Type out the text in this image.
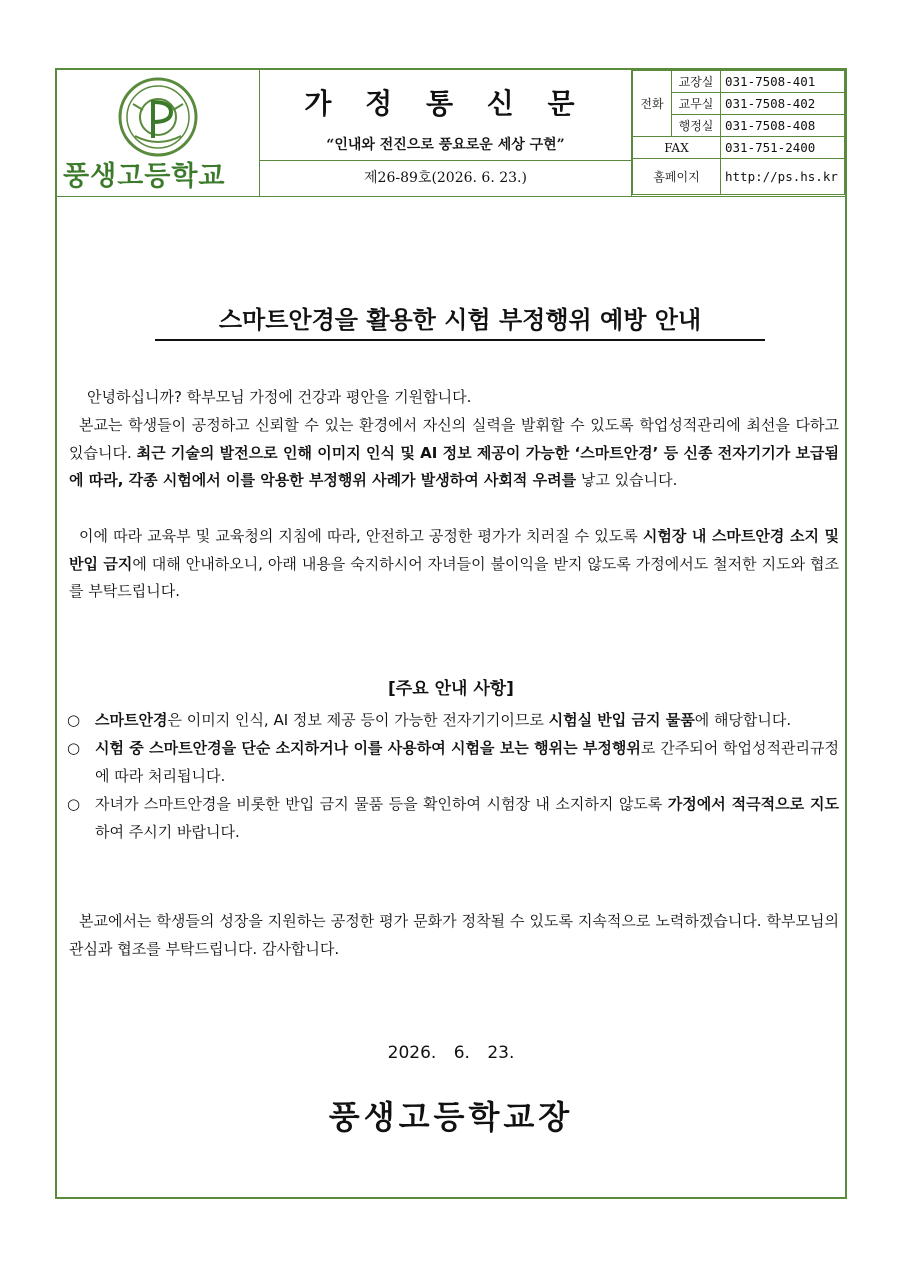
풍생고등학교
가 정 통 신 문
“인내와 전진으로 풍요로운 세상 구현”
제26-89호(2026. 6. 23.)
전화	교장실	031-7508-401
	교무실	031-7508-402
	행정실	031-7508-408
FAX		031-751-2400
홈페이지		http://ps.hs.kr
스마트안경을 활용한 시험 부정행위 예방 안내
안녕하십니까? 학부모님 가정에 건강과 평안을 기원합니다.
본교는 학생들이 공정하고 신뢰할 수 있는 환경에서 자신의 실력을 발휘할 수 있도록 학업성적관리에 최선을 다하고 있습니다. 최근 기술의 발전으로 인해 이미지 인식 및 AI 정보 제공이 가능한 ‘스마트안경’ 등 신종 전자기기가 보급됨에 따라, 각종 시험에서 이를 악용한 부정행위 사례가 발생하여 사회적 우려를 낳고 있습니다.
이에 따라 교육부 및 교육청의 지침에 따라, 안전하고 공정한 평가가 치러질 수 있도록 시험장 내 스마트안경 소지 및 반입 금지에 대해 안내하오니, 아래 내용을 숙지하시어 자녀들이 불이익을 받지 않도록 가정에서도 철저한 지도와 협조를 부탁드립니다.
[주요 안내 사항]
○ 스마트안경은 이미지 인식, AI 정보 제공 등이 가능한 전자기기이므로 시험실 반입 금지 물품에 해당합니다.
○ 시험 중 스마트안경을 단순 소지하거나 이를 사용하여 시험을 보는 행위는 부정행위로 간주되어 학업성적관리규정에 따라 처리됩니다.
○ 자녀가 스마트안경을 비롯한 반입 금지 물품 등을 확인하여 시험장 내 소지하지 않도록 가정에서 적극적으로 지도하여 주시기 바랍니다.
본교에서는 학생들의 성장을 지원하는 공정한 평가 문화가 정착될 수 있도록 지속적으로 노력하겠습니다. 학부모님의 관심과 협조를 부탁드립니다. 감사합니다.
2026. 6. 23.
풍생고등학교장
